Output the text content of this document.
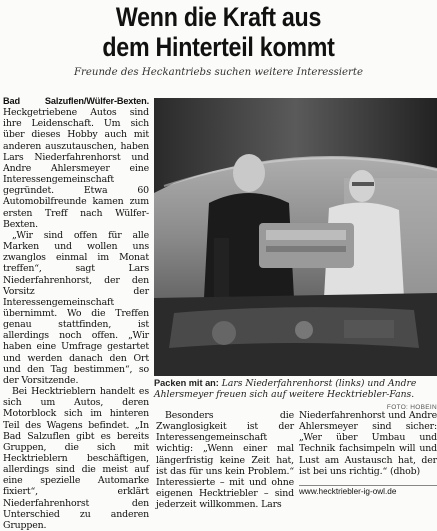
Wenn die Kraft aus
dem Hinterteil kommt
Freunde des Heckantriebs suchen weitere Interessierte

Bad Salzuflen/Wülfer-Bexten. Heckgetriebene Autos sind ihre Leidenschaft. Um sich über dieses Hobby auch mit anderen auszutauschen, haben Lars Niederfahrenhorst und Andre Ahlersmeyer eine Interessengemeinschaft gegründet. Etwa 60 Automobilfreunde kamen zum ersten Treff nach Wülfer-Bexten.

„Wir sind offen für alle Marken und wollen uns zwanglos einmal im Monat treffen“, sagt Lars Niederfahrenhorst, der den Vorsitz der Interessengemeinschaft übernimmt. Wo die Treffen genau stattfinden, ist allerdings noch offen. „Wir haben eine Umfrage gestartet und werden danach den Ort und den Tag bestimmen“, so der Vorsitzende.

Bei Hecktrieblern handelt es sich um Autos, deren Motorblock sich im hinteren Teil des Wagens befindet. „In Bad Salzuflen gibt es bereits Gruppen, die sich mit Hecktrieblern beschäftigen, allerdings sind die meist auf eine spezielle Automarke fixiert“, erklärt Niederfahrenhorst den Unterschied zu anderen Gruppen.

Packen mit an: Lars Niederfahrenhorst (links) und Andre Ahlersmeyer freuen sich auf weitere Hecktriebler-Fans.
FOTO: HOBEIN

Besonders die Zwanglosigkeit ist der Interessengemeinschaft wichtig: „Wenn einer mal längerfristig keine Zeit hat, ist das für uns kein Problem.“ Interessierte – mit und ohne eigenen Hecktriebler – sind jederzeit willkommen. Lars

Niederfahrenhorst und Andre Ahlersmeyer sind sicher: „Wer über Umbau und Technik fachsimpeln will und Lust am Austausch hat, der ist bei uns richtig.“ (dhob)

www.hecktriebler-ig-owl.de
